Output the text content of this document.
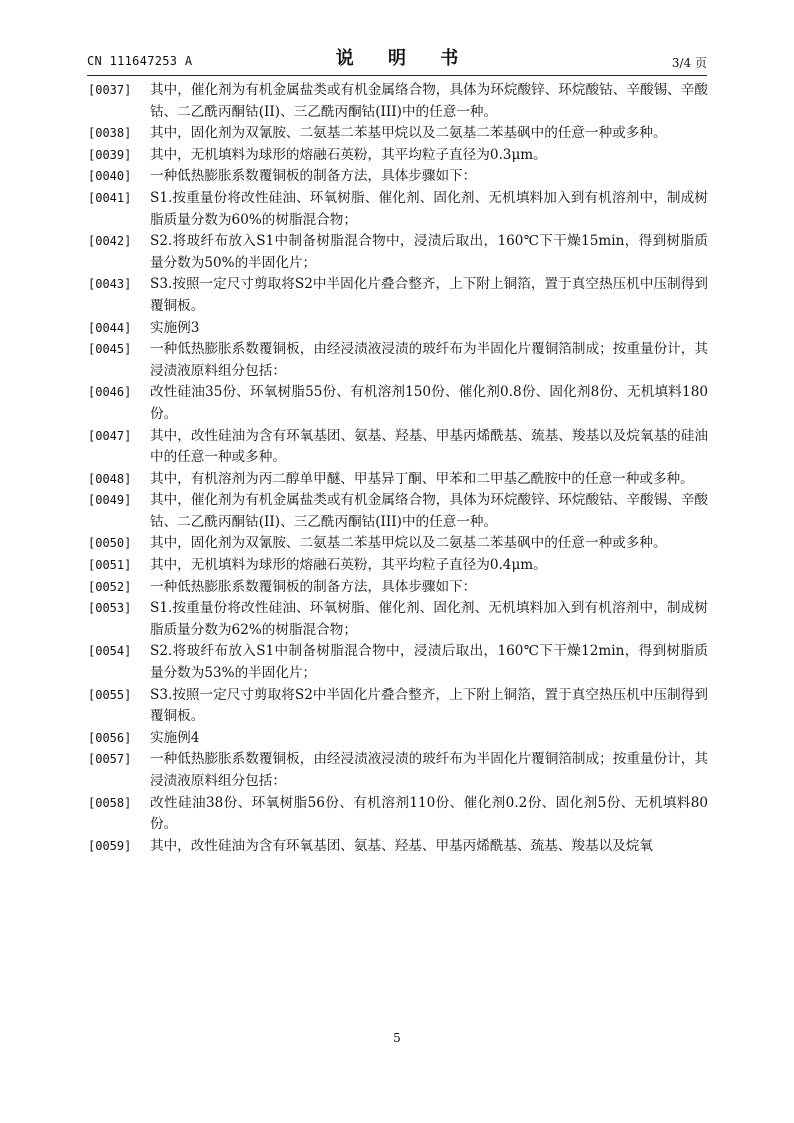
CN 111647253 A	说 明 书	3/4 页

[0037] 其中，催化剂为有机金属盐类或有机金属络合物，具体为环烷酸锌、环烷酸钴、辛酸锡、辛酸钴、二乙酰丙酮钴(II)、三乙酰丙酮钴(III)中的任意一种。

[0038] 其中，固化剂为双氰胺、二氨基二苯基甲烷以及二氨基二苯基砜中的任意一种或多种。

[0039] 其中，无机填料为球形的熔融石英粉，其平均粒子直径为0.3μm。

[0040] 一种低热膨胀系数覆铜板的制备方法，具体步骤如下：

[0041] S1.按重量份将改性硅油、环氧树脂、催化剂、固化剂、无机填料加入到有机溶剂中，制成树脂质量分数为60%的树脂混合物；

[0042] S2.将玻纤布放入S1中制备树脂混合物中，浸渍后取出，160℃下干燥15min，得到树脂质量分数为50%的半固化片；

[0043] S3.按照一定尺寸剪取将S2中半固化片叠合整齐，上下附上铜箔，置于真空热压机中压制得到覆铜板。

[0044] 实施例3

[0045] 一种低热膨胀系数覆铜板，由经浸渍液浸渍的玻纤布为半固化片覆铜箔制成；按重量份计，其浸渍液原料组分包括：

[0046] 改性硅油35份、环氧树脂55份、有机溶剂150份、催化剂0.8份、固化剂8份、无机填料180份。

[0047] 其中，改性硅油为含有环氧基团、氨基、羟基、甲基丙烯酰基、巯基、羧基以及烷氧基的硅油中的任意一种或多种。

[0048] 其中，有机溶剂为丙二醇单甲醚、甲基异丁酮、甲苯和二甲基乙酰胺中的任意一种或多种。

[0049] 其中，催化剂为有机金属盐类或有机金属络合物，具体为环烷酸锌、环烷酸钴、辛酸锡、辛酸钴、二乙酰丙酮钴(II)、三乙酰丙酮钴(III)中的任意一种。

[0050] 其中，固化剂为双氰胺、二氨基二苯基甲烷以及二氨基二苯基砜中的任意一种或多种。

[0051] 其中，无机填料为球形的熔融石英粉，其平均粒子直径为0.4μm。

[0052] 一种低热膨胀系数覆铜板的制备方法，具体步骤如下：

[0053] S1.按重量份将改性硅油、环氧树脂、催化剂、固化剂、无机填料加入到有机溶剂中，制成树脂质量分数为62%的树脂混合物；

[0054] S2.将玻纤布放入S1中制备树脂混合物中，浸渍后取出，160℃下干燥12min，得到树脂质量分数为53%的半固化片；

[0055] S3.按照一定尺寸剪取将S2中半固化片叠合整齐，上下附上铜箔，置于真空热压机中压制得到覆铜板。

[0056] 实施例4

[0057] 一种低热膨胀系数覆铜板，由经浸渍液浸渍的玻纤布为半固化片覆铜箔制成；按重量份计，其浸渍液原料组分包括：

[0058] 改性硅油38份、环氧树脂56份、有机溶剂110份、催化剂0.2份、固化剂5份、无机填料80份。

[0059] 其中，改性硅油为含有环氧基团、氨基、羟基、甲基丙烯酰基、巯基、羧基以及烷氧

5
